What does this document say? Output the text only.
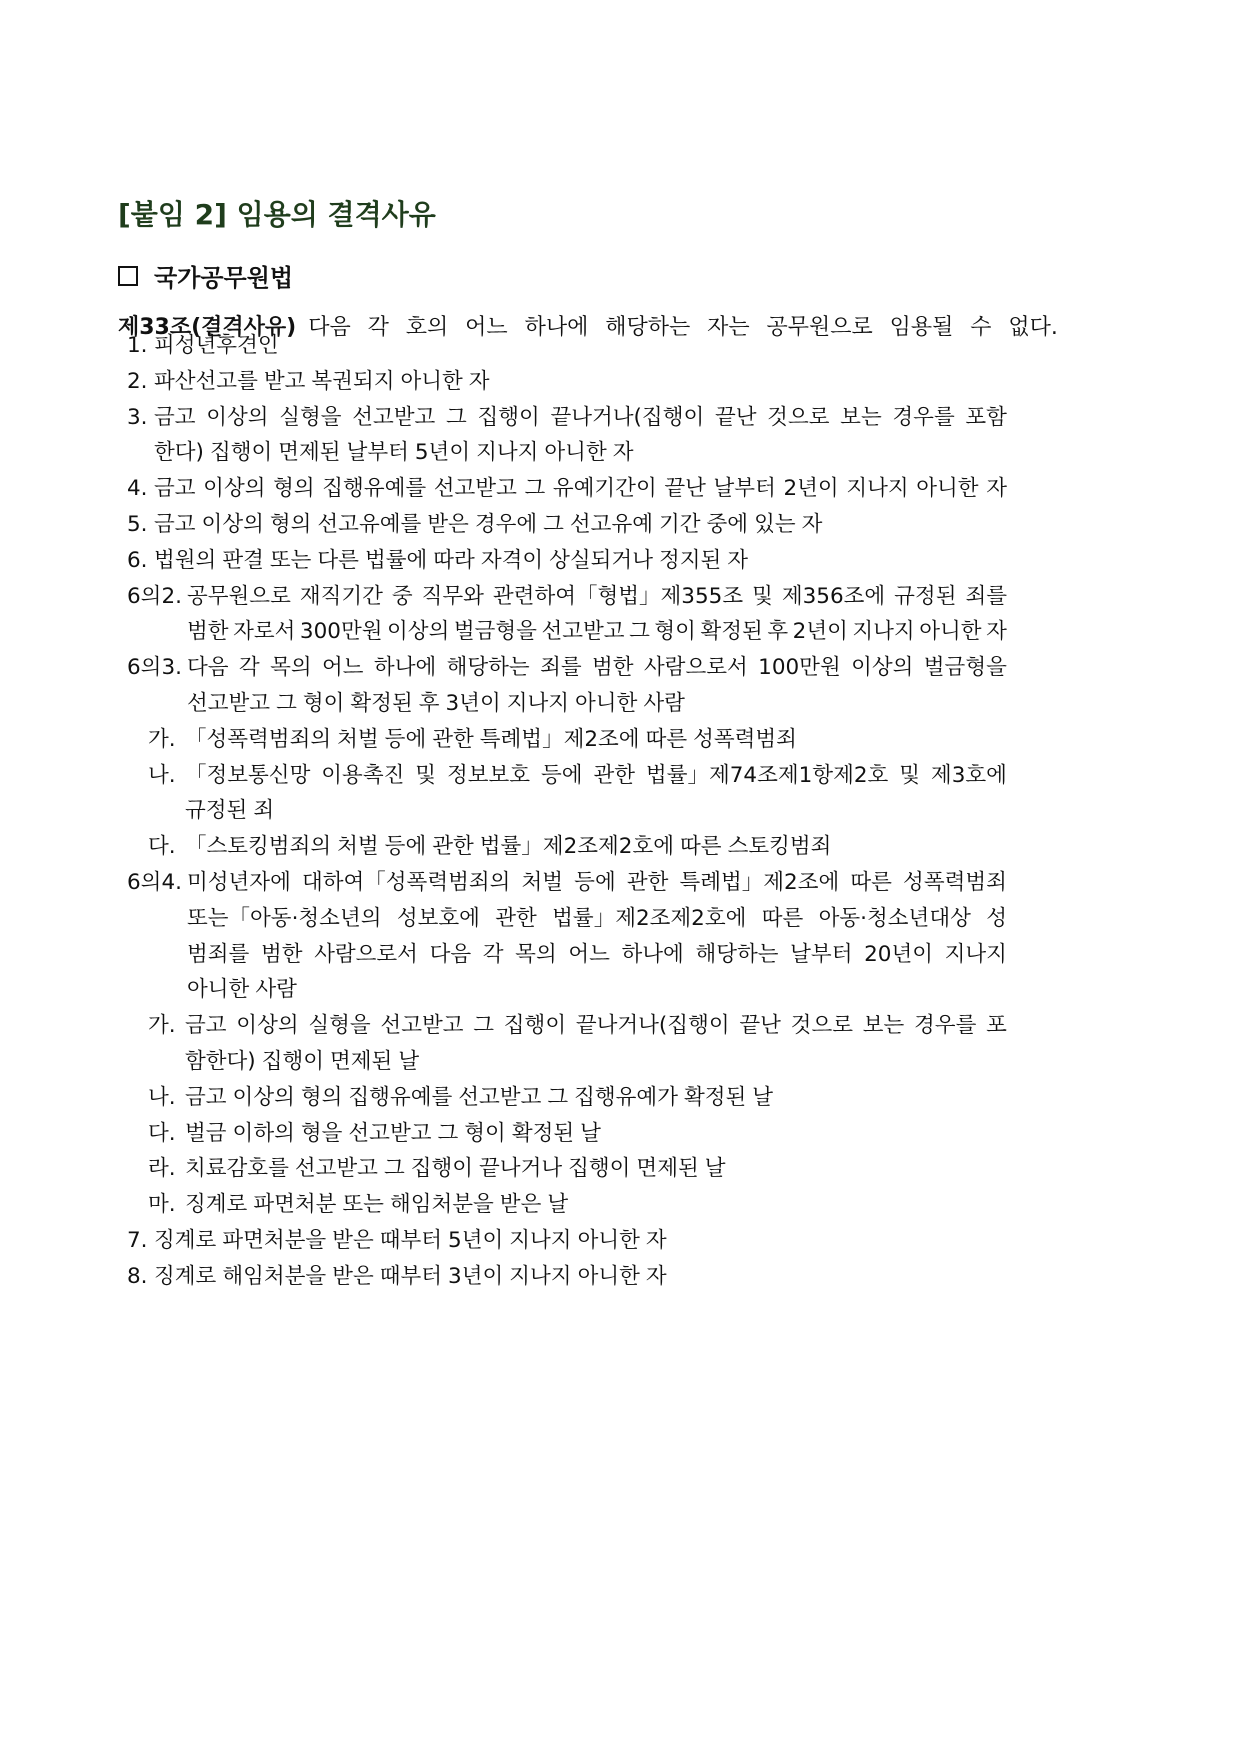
[붙임 2] 임용의 결격사유
국가공무원법
제33조(결격사유) 다음 각 호의 어느 하나에 해당하는 자는 공무원으로 임용될 수 없다.
1. 피성년후견인
2. 파산선고를 받고 복권되지 아니한 자
3. 금고 이상의 실형을 선고받고 그 집행이 끝나거나(집행이 끝난 것으로 보는 경우를 포함
한다) 집행이 면제된 날부터 5년이 지나지 아니한 자
4. 금고 이상의 형의 집행유예를 선고받고 그 유예기간이 끝난 날부터 2년이 지나지 아니한 자
5. 금고 이상의 형의 선고유예를 받은 경우에 그 선고유예 기간 중에 있는 자
6. 법원의 판결 또는 다른 법률에 따라 자격이 상실되거나 정지된 자
6의2. 공무원으로 재직기간 중 직무와 관련하여「형법」제355조 및 제356조에 규정된 죄를
범한 자로서 300만원 이상의 벌금형을 선고받고 그 형이 확정된 후 2년이 지나지 아니한 자
6의3. 다음 각 목의 어느 하나에 해당하는 죄를 범한 사람으로서 100만원 이상의 벌금형을
선고받고 그 형이 확정된 후 3년이 지나지 아니한 사람
가. 「성폭력범죄의 처벌 등에 관한 특례법」제2조에 따른 성폭력범죄
나. 「정보통신망 이용촉진 및 정보보호 등에 관한 법률」제74조제1항제2호 및 제3호에
규정된 죄
다. 「스토킹범죄의 처벌 등에 관한 법률」제2조제2호에 따른 스토킹범죄
6의4. 미성년자에 대하여「성폭력범죄의 처벌 등에 관한 특례법」제2조에 따른 성폭력범죄
또는「아동·청소년의 성보호에 관한 법률」제2조제2호에 따른 아동·청소년대상 성
범죄를 범한 사람으로서 다음 각 목의 어느 하나에 해당하는 날부터 20년이 지나지
아니한 사람
가. 금고 이상의 실형을 선고받고 그 집행이 끝나거나(집행이 끝난 것으로 보는 경우를 포
함한다) 집행이 면제된 날
나. 금고 이상의 형의 집행유예를 선고받고 그 집행유예가 확정된 날
다. 벌금 이하의 형을 선고받고 그 형이 확정된 날
라. 치료감호를 선고받고 그 집행이 끝나거나 집행이 면제된 날
마. 징계로 파면처분 또는 해임처분을 받은 날
7. 징계로 파면처분을 받은 때부터 5년이 지나지 아니한 자
8. 징계로 해임처분을 받은 때부터 3년이 지나지 아니한 자
